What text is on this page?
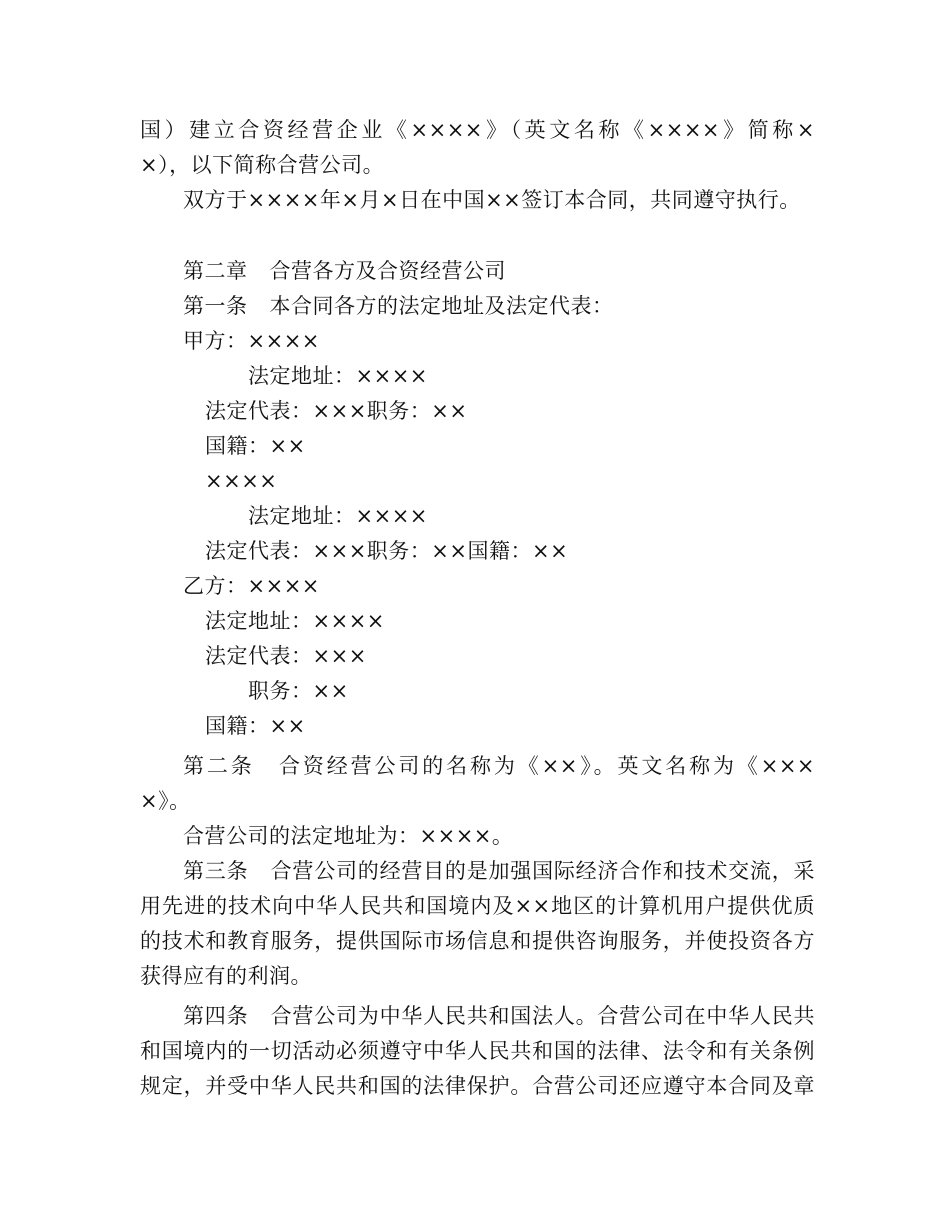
国）建立合资经营企业《××××》（英文名称《××××》简称×
×），以下简称合营公司。
双方于××××年×月×日在中国××签订本合同，共同遵守执行。
第二章 合营各方及合资经营公司
第一条 本合同各方的法定地址及法定代表：
甲方：××××
法定地址：××××
法定代表：×××职务：××
国籍：××
××××
法定地址：××××
法定代表：×××职务：××国籍：××
乙方：××××
法定地址：××××
法定代表：×××
职务：××
国籍：××
第二条 合资经营公司的名称为《××》。英文名称为《×××
×》。
合营公司的法定地址为：××××。
第三条 合营公司的经营目的是加强国际经济合作和技术交流，采
用先进的技术向中华人民共和国境内及××地区的计算机用户提供优质
的技术和教育服务，提供国际市场信息和提供咨询服务，并使投资各方
获得应有的利润。
第四条 合营公司为中华人民共和国法人。合营公司在中华人民共
和国境内的一切活动必须遵守中华人民共和国的法律、法令和有关条例
规定，并受中华人民共和国的法律保护。合营公司还应遵守本合同及章
